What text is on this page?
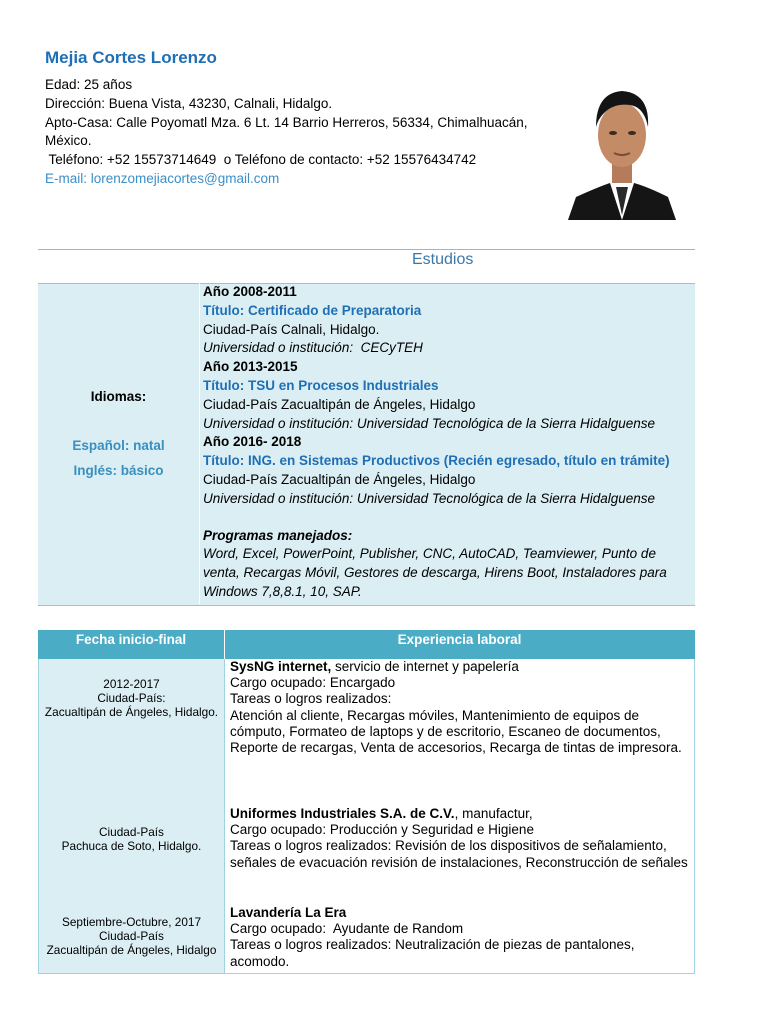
Mejia Cortes Lorenzo
Edad: 25 años
Dirección: Buena Vista, 43230, Calnali, Hidalgo.
Apto-Casa: Calle Poyomatl Mza. 6 Lt. 14 Barrio Herreros, 56334, Chimalhuacán, México.
Teléfono: +52 15573714649  o Teléfono de contacto: +52 15576434742
E-mail: lorenzomejiacortes@gmail.com
Estudios
Idiomas:
Español: natal
Inglés: básico
Año 2008-2011
Título: Certificado de Preparatoria
Ciudad-País Calnali, Hidalgo.
Universidad o institución:  CECyTEH
Año 2013-2015
Título: TSU en Procesos Industriales
Ciudad-País Zacualtipán de Ángeles, Hidalgo
Universidad o institución: Universidad Tecnológica de la Sierra Hidalguense
Año 2016- 2018
Título: ING. en Sistemas Productivos (Recién egresado, título en trámite)
Ciudad-País Zacualtipán de Ángeles, Hidalgo
Universidad o institución: Universidad Tecnológica de la Sierra Hidalguense
Programas manejados:
Word, Excel, PowerPoint, Publisher, CNC, AutoCAD, Teamviewer, Punto de venta, Recargas Móvil, Gestores de descarga, Hirens Boot, Instaladores para Windows 7,8,8.1, 10, SAP.
Fecha inicio-final	Experiencia laboral
2012-2017
Ciudad-País:
Zacualtipán de Ángeles, Hidalgo.
SysNG internet, servicio de internet y papelería
Cargo ocupado: Encargado
Tareas o logros realizados:
Atención al cliente, Recargas móviles, Mantenimiento de equipos de cómputo, Formateo de laptops y de escritorio, Escaneo de documentos, Reporte de recargas, Venta de accesorios, Recarga de tintas de impresora.
Ciudad-País
Pachuca de Soto, Hidalgo.
Uniformes Industriales S.A. de C.V., manufactur,
Cargo ocupado: Producción y Seguridad e Higiene
Tareas o logros realizados: Revisión de los dispositivos de señalamiento, señales de evacuación revisión de instalaciones, Reconstrucción de señales
Septiembre-Octubre, 2017
Ciudad-País
Zacualtipán de Ángeles, Hidalgo
Lavandería La Era
Cargo ocupado:  Ayudante de Random
Tareas o logros realizados: Neutralización de piezas de pantalones, acomodo.
